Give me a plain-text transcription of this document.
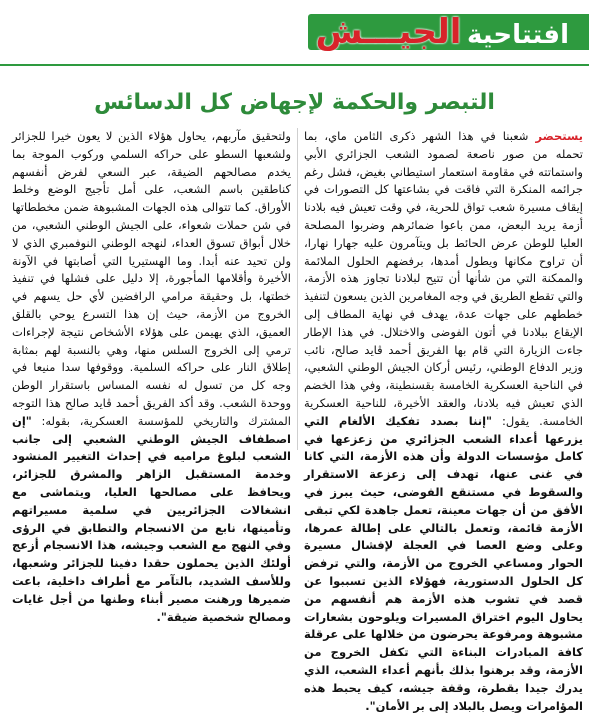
افتتاحية الجيـــش
التبصر والحكمة لإجهاض كل الدسائس

يستحضر شعبنا في هذا الشهر ذكرى الثامن ماي، بما تحمله من صور ناصعة لصمود الشعب الجزائري الأبي واستماتته في مقاومة استعمار استيطاني بغيض، فشل رغم جرائمه المنكرة التي فاقت في بشاعتها كل التصورات في إيقاف مسيرة شعب تواق للحرية، في وقت تعيش فيه بلادنا أزمة يريد البعض، ممن باعوا ضمائرهم وضربوا المصلحة العليا للوطن عرض الحائط بل ويتآمرون عليه جهارا نهارا، أن تراوح مكانها ويطول أمدها، برفضهم الحلول الملائمة والممكنة التي من شأنها أن تتيح لبلادنا تجاوز هذه الأزمة، والتي تقطع الطريق في وجه المغامرين الذين يسعون لتنفيذ خططهم على جهات عدة، يهدف في نهاية المطاف إلى الإيقاع ببلادنا في أتون الفوضى والاختلال. في هذا الإطار جاءت الزيارة التي قام بها الفريق أحمد ڤايد صالح، نائب وزير الدفاع الوطني، رئيس أركان الجيش الوطني الشعبي، في الناحية العسكرية الخامسة بقسنطينة، وفي هذا الخضم الذي تعيش فيه بلادنا، والعقد الأخيرة، للناحية العسكرية الخامسة. يقول: "إننا بصدد تفكيك الألغام التي يزرعها أعداء الشعب الجزائري من زعزعها في كامل مؤسسات الدولة وأن هذه الأزمة، التي كانا في غنى عنها، تهدف إلى زعزعة الاستقرار والسقوط في مستنقع الفوضى، حيث يبرز في الأفق من أن جهات معينة، تعمل جاهدة لكي تبقى الأزمة قائمة، وتعمل بالتالي على إطالة عمرها، وعلى وضع العصا في العجلة لإفشال مسيرة الحوار ومساعي الخروج من الأزمة، والتي ترفض كل الحلول الدستورية، فهؤلاء الذين تسببوا عن قصد في تشوب هذه الأزمة هم أنفسهم من يحاول اليوم اختراق المسيرات ويلوحون بشعارات مشبوهة ومرفوعة يحرضون من خلالها على عرقلة كافة المبادرات البناءة التي تكفل الخروج من الأزمة، وقد برهنوا بذلك بأنهم أعداء الشعب، الذي يدرك جيدا بقطرة، وقفة جيشه، كيف يحبط هذه المؤامرات ويصل بالبلاد إلى بر الأمان".

ولتحقيق مآربهم، يحاول هؤلاء الذين لا يعون خيرا للجزائر ولشعبها السطو على حراكه السلمي وركوب الموجة بما يخدم مصالحهم الضيقة، عبر السعي لفرض أنفسهم كناطقين باسم الشعب، على أمل تأجيج الوضع وخلط الأوراق. كما تتوالى هذه الجهات المشبوهة ضمن مخططاتها في شن حملات شعواء، على الجيش الوطني الشعبي، من خلال أبواق تسوق العداء، لنهجه الوطني النوفمبري الذي لا ولن تحيد عنه أبدا. وما الهستيريا التي أصابتها في الآونة الأخيرة وأقلامها المأجورة، إلا دليل على فشلها في تنفيذ خطتها، بل وحقيقة مرامي الرافضين لأي حل يسهم في الخروج من الأزمة، حيث إن هذا التسرع يوحي بالقلق العميق، الذي يهيمن على هؤلاء الأشخاص نتيجة لإجراءات ترمي إلى الخروج السلس منها، وهي بالنسبة لهم بمثابة إطلاق النار على حراكه السلمية. ووقوفها سدا منيعا في وجه كل من تسول له نفسه المساس باستقرار الوطن ووحدة الشعب. وقد أكد الفريق أحمد ڤايد صالح هذا التوجه المشترك والتاريخي للمؤسسة العسكرية، بقوله: "إن اصطفاف الجيش الوطني الشعبي إلى جانب الشعب لبلوغ مراميه في إحداث التغيير المنشود وخدمة المستقبل الزاهر والمشرق للجزائر، ويحافظ على مصالحها العليا، ويتماشى مع انشغالات الجزائريين في سلمية مسيراتهم وتأمينها، نابع من الانسجام والتطابق في الرؤى وفي النهج مع الشعب وجيشه، هذا الانسجام أزعج أولئك الذين يحملون حقدا دفينا للجزائر وشعبها، وللأسف الشديد، بالتآمر مع أطراف داخلية، باعت ضميرها ورهنت مصير أبناء وطنها من أجل غايات ومصالح شخصية ضيقة".
